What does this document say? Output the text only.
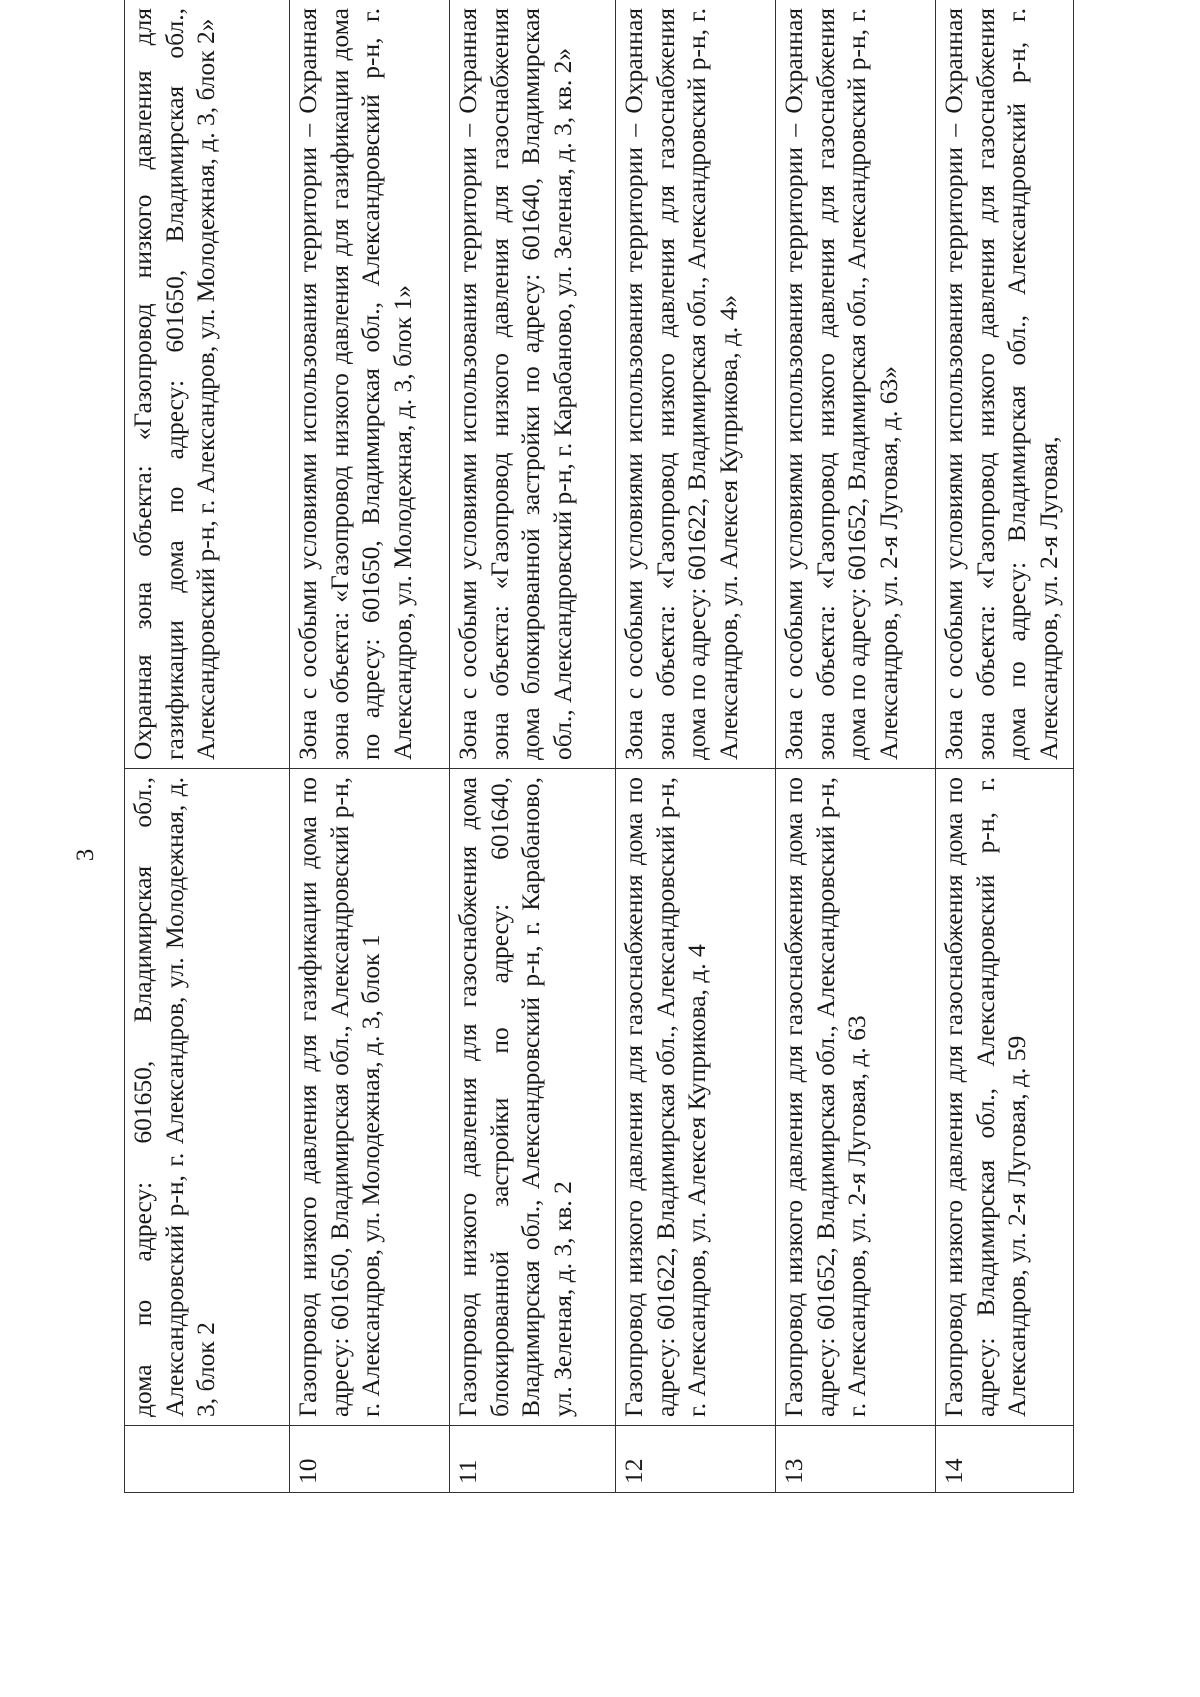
3
	дома по адресу: 601650, Владимирская обл., Александровский р-н, г. Александров, ул. Молодежная, д. 3, блок 2	Охранная зона объекта: «Газопровод низкого давления для газификации дома по адресу: 601650, Владимирская обл., Александровский р-н, г. Александров, ул. Молодежная, д. 3, блок 2»
10	Газопровод низкого давления для газификации дома по адресу: 601650, Владимирская обл., Александровский р-н, г. Александров, ул. Молодежная, д. 3, блок 1	Зона с особыми условиями использования территории – Охранная зона объекта: «Газопровод низкого давления для газификации дома по адресу: 601650, Владимирская обл., Александровский р-н, г. Александров, ул. Молодежная, д. 3, блок 1»
11	Газопровод низкого давления для газоснабжения дома блокированной застройки по адресу: 601640, Владимирская обл., Александровский р-н, г. Карабаново, ул. Зеленая, д. 3, кв. 2	Зона с особыми условиями использования территории – Охранная зона объекта: «Газопровод низкого давления для газоснабжения дома блокированной застройки по адресу: 601640, Владимирская обл., Александровский р-н, г. Карабаново, ул. Зеленая, д. 3, кв. 2»
12	Газопровод низкого давления для газоснабжения дома по адресу: 601622, Владимирская обл., Александровский р-н, г. Александров, ул. Алексея Куприкова, д. 4	Зона с особыми условиями использования территории – Охранная зона объекта: «Газопровод низкого давления для газоснабжения дома по адресу: 601622, Владимирская обл., Александровский р-н, г. Александров, ул. Алексея Куприкова, д. 4»
13	Газопровод низкого давления для газоснабжения дома по адресу: 601652, Владимирская обл., Александровский р-н, г. Александров, ул. 2-я Луговая, д. 63	Зона с особыми условиями использования территории – Охранная зона объекта: «Газопровод низкого давления для газоснабжения дома по адресу: 601652, Владимирская обл., Александровский р-н, г. Александров, ул. 2-я Луговая, д. 63»
14	Газопровод низкого давления для газоснабжения дома по адресу: Владимирская обл., Александровский р-н, г. Александров, ул. 2-я Луговая, д. 59	Зона с особыми условиями использования территории – Охранная зона объекта: «Газопровод низкого давления для газоснабжения дома по адресу: Владимирская обл., Александровский р-н, г. Александров, ул. 2-я Луговая,
